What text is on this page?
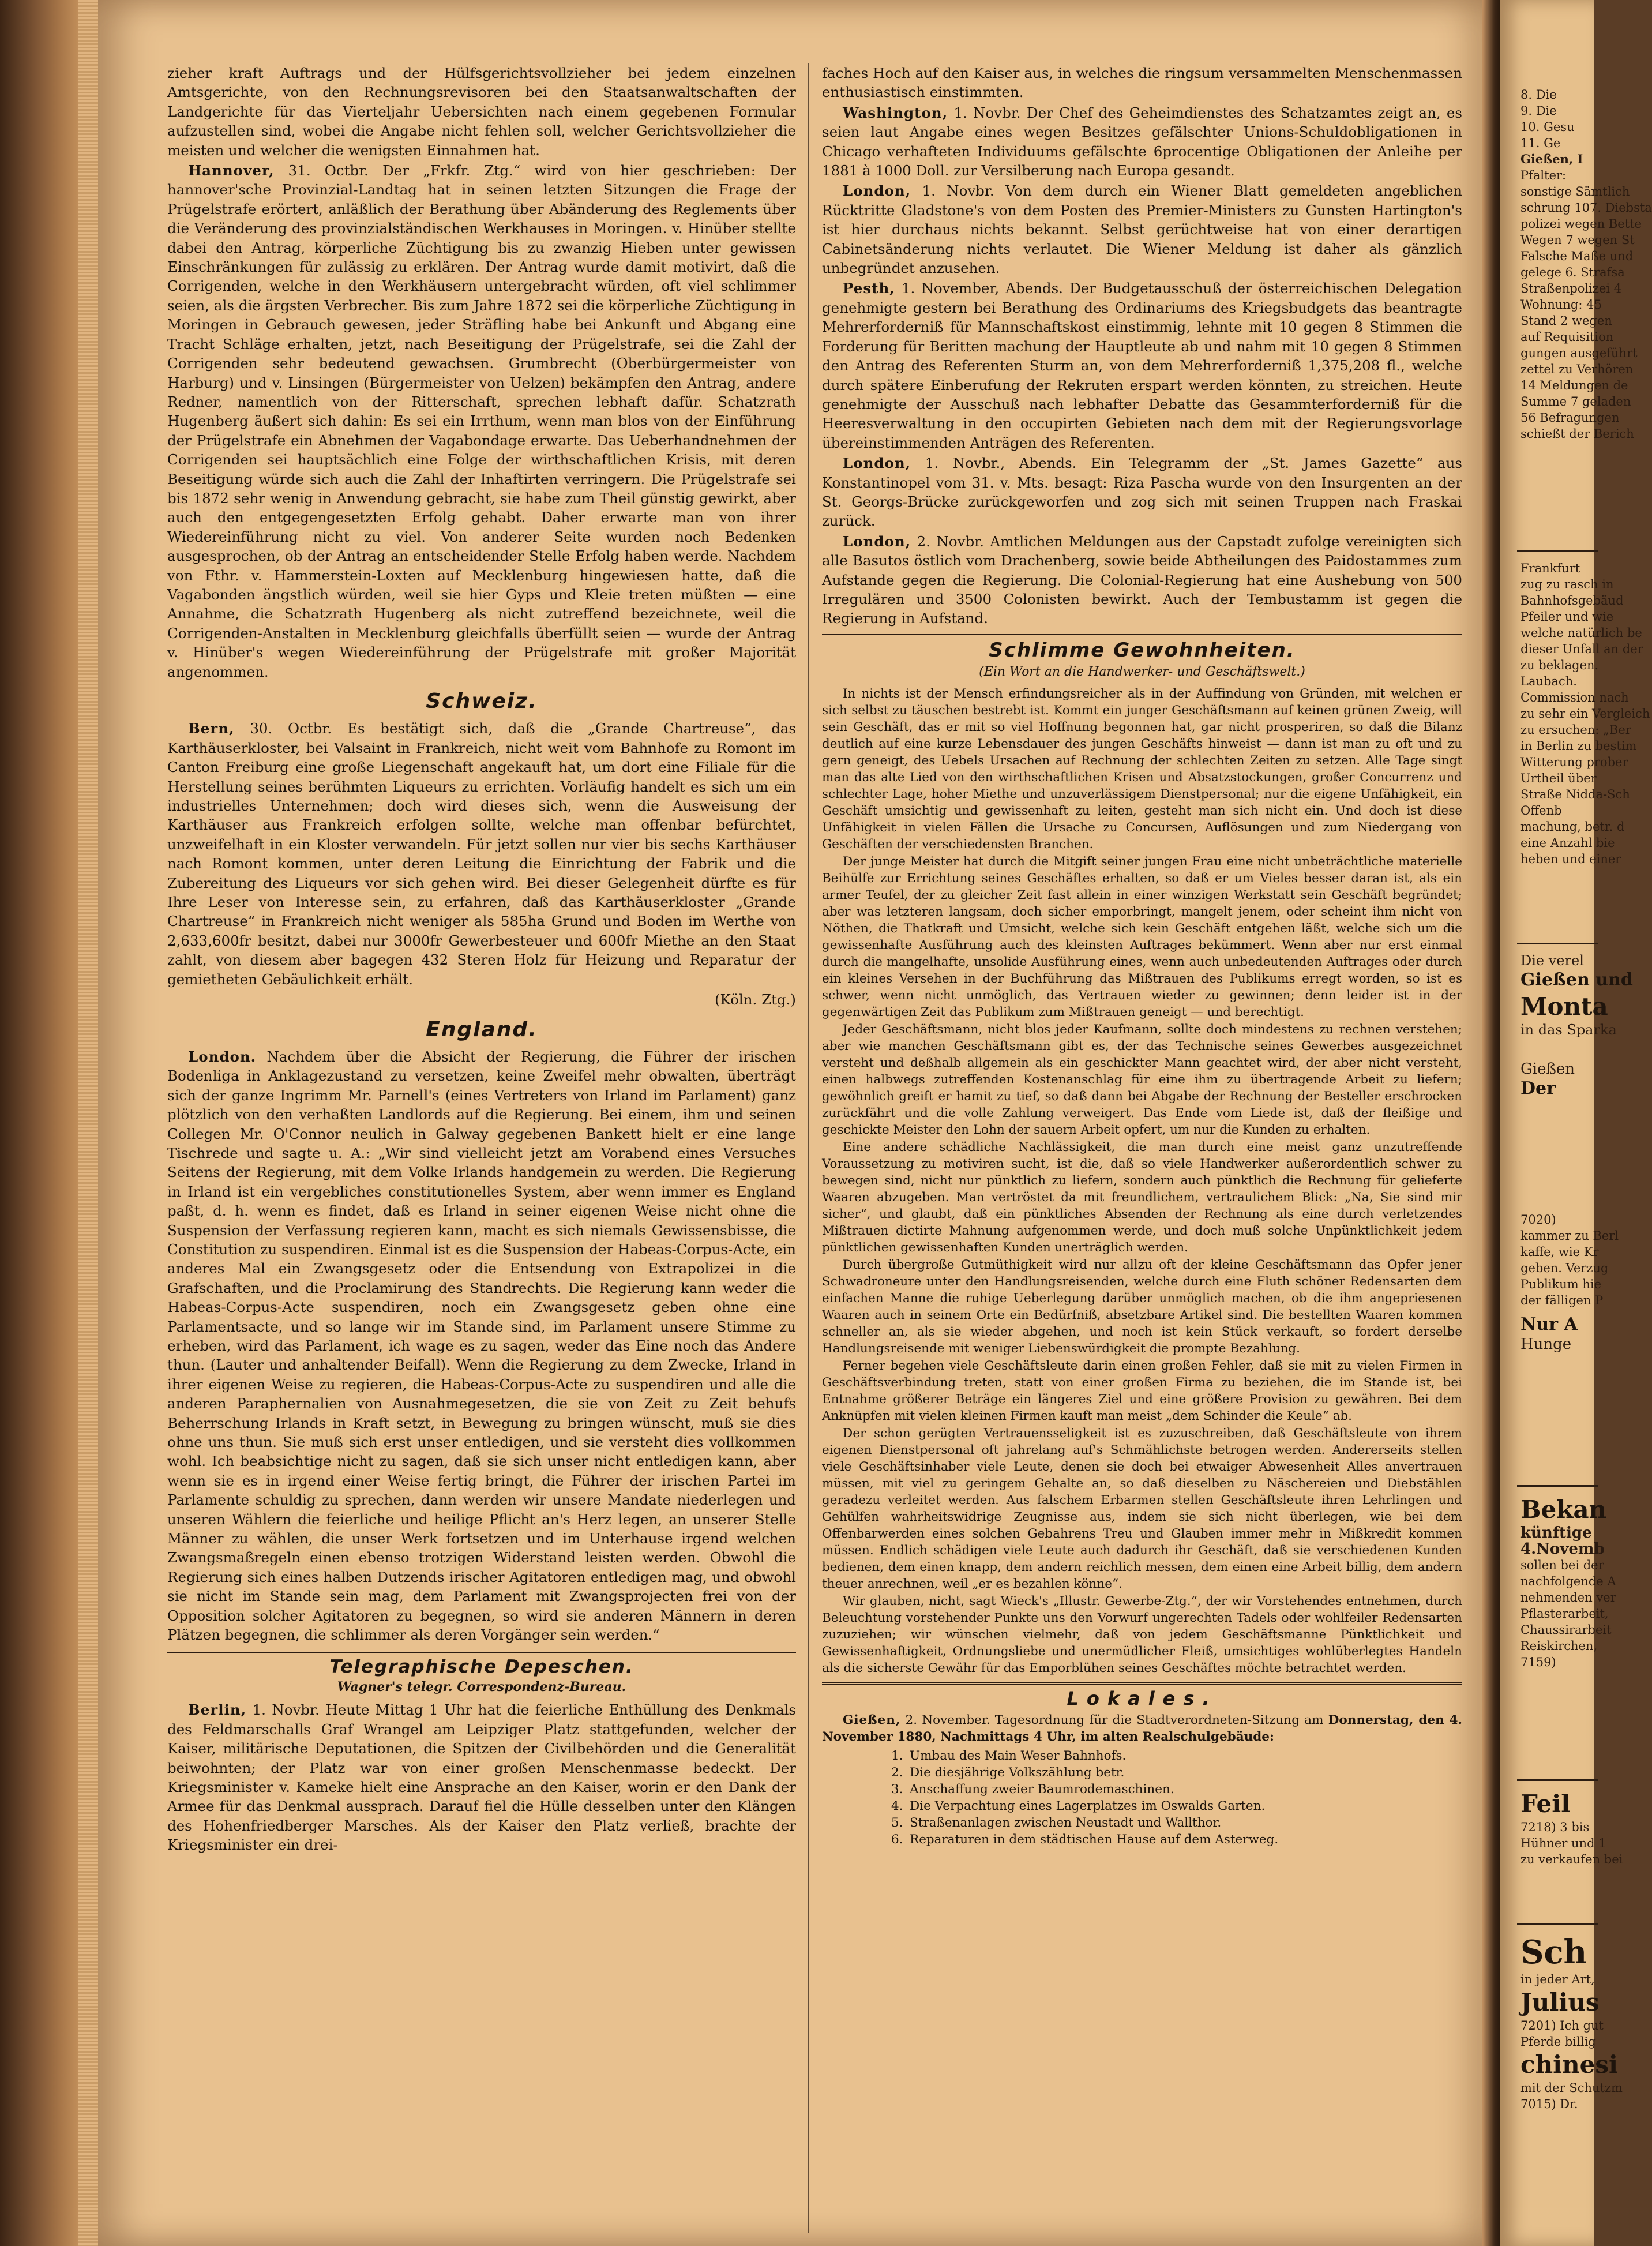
zieher kraft Auftrags und der Hülfsgerichtsvollzieher bei jedem einzelnen Amtsgerichte, von den Rechnungsrevisoren bei den Staatsanwaltschaften der Landgerichte für das Vierteljahr Uebersichten nach einem gegebenen Formular aufzustellen sind, wobei die Angabe nicht fehlen soll, welcher Gerichtsvollzieher die meisten und welcher die wenigsten Einnahmen hat.

Hannover, 31. Octbr. Der „Frkfr. Ztg.“ wird von hier geschrieben: Der hannover'sche Provinzial-Landtag hat in seinen letzten Sitzungen die Frage der Prügelstrafe erörtert, anläßlich der Berathung über Abänderung des Reglements über die Veränderung des provinzialständischen Werkhauses in Moringen. v. Hinüber stellte dabei den Antrag, körperliche Züchtigung bis zu zwanzig Hieben unter gewissen Einschränkungen für zulässig zu erklären. Der Antrag wurde damit motivirt, daß die Corrigenden, welche in den Werkhäusern untergebracht würden, oft viel schlimmer seien, als die ärgsten Verbrecher. Bis zum Jahre 1872 sei die körperliche Züchtigung in Moringen in Gebrauch gewesen, jeder Sträfling habe bei Ankunft und Abgang eine Tracht Schläge erhalten, jetzt, nach Beseitigung der Prügelstrafe, sei die Zahl der Corrigenden sehr bedeutend gewachsen. Grumbrecht (Oberbürgermeister von Harburg) und v. Linsingen (Bürgermeister von Uelzen) bekämpfen den Antrag, andere Redner, namentlich von der Ritterschaft, sprechen lebhaft dafür. Schatzrath Hugenberg äußert sich dahin: Es sei ein Irrthum, wenn man blos von der Einführung der Prügelstrafe ein Abnehmen der Vagabondage erwarte. Das Ueberhandnehmen der Corrigenden sei hauptsächlich eine Folge der wirthschaftlichen Krisis, mit deren Beseitigung würde sich auch die Zahl der Inhaftirten verringern. Die Prügelstrafe sei bis 1872 sehr wenig in Anwendung gebracht, sie habe zum Theil günstig gewirkt, aber auch den entgegengesetzten Erfolg gehabt. Daher erwarte man von ihrer Wiedereinführung nicht zu viel. Von anderer Seite wurden noch Bedenken ausgesprochen, ob der Antrag an entscheidender Stelle Erfolg haben werde. Nachdem von Fthr. v. Hammerstein-Loxten auf Mecklenburg hingewiesen hatte, daß die Vagabonden ängstlich würden, weil sie hier Gyps und Kleie treten müßten — eine Annahme, die Schatzrath Hugenberg als nicht zutreffend bezeichnete, weil die Corrigenden-Anstalten in Mecklenburg gleichfalls überfüllt seien — wurde der Antrag v. Hinüber's wegen Wiedereinführung der Prügelstrafe mit großer Majorität angenommen.

Schweiz.

Bern, 30. Octbr. Es bestätigt sich, daß die „Grande Chartreuse“, das Karthäuserkloster, bei Valsaint in Frankreich, nicht weit vom Bahnhofe zu Romont im Canton Freiburg eine große Liegenschaft angekauft hat, um dort eine Filiale für die Herstellung seines berühmten Liqueurs zu errichten. Vorläufig handelt es sich um ein industrielles Unternehmen; doch wird dieses sich, wenn die Ausweisung der Karthäuser aus Frankreich erfolgen sollte, welche man offenbar befürchtet, unzweifelhaft in ein Kloster verwandeln. Für jetzt sollen nur vier bis sechs Karthäuser nach Romont kommen, unter deren Leitung die Einrichtung der Fabrik und die Zubereitung des Liqueurs vor sich gehen wird. Bei dieser Gelegenheit dürfte es für Ihre Leser von Interesse sein, zu erfahren, daß das Karthäuserkloster „Grande Chartreuse“ in Frankreich nicht weniger als 585ha Grund und Boden im Werthe von 2,633,600fr besitzt, dabei nur 3000fr Gewerbesteuer und 600fr Miethe an den Staat zahlt, von diesem aber bagegen 432 Steren Holz für Heizung und Reparatur der gemietheten Gebäulichkeit erhält.

(Köln. Ztg.)

England.

London. Nachdem über die Absicht der Regierung, die Führer der irischen Bodenliga in Anklagezustand zu versetzen, keine Zweifel mehr obwalten, überträgt sich der ganze Ingrimm Mr. Parnell's (eines Vertreters von Irland im Parlament) ganz plötzlich von den verhaßten Landlords auf die Regierung. Bei einem, ihm und seinen Collegen Mr. O'Connor neulich in Galway gegebenen Bankett hielt er eine lange Tischrede und sagte u. A.: „Wir sind vielleicht jetzt am Vorabend eines Versuches Seitens der Regierung, mit dem Volke Irlands handgemein zu werden. Die Regierung in Irland ist ein vergebliches constitutionelles System, aber wenn immer es England paßt, d. h. wenn es findet, daß es Irland in seiner eigenen Weise nicht ohne die Suspension der Verfassung regieren kann, macht es sich niemals Gewissensbisse, die Constitution zu suspendiren. Einmal ist es die Suspension der Habeas-Corpus-Acte, ein anderes Mal ein Zwangsgesetz oder die Entsendung von Extrapolizei in die Grafschaften, und die Proclamirung des Standrechts. Die Regierung kann weder die Habeas-Corpus-Acte suspendiren, noch ein Zwangsgesetz geben ohne eine Parlamentsacte, und so lange wir im Stande sind, im Parlament unsere Stimme zu erheben, wird das Parlament, ich wage es zu sagen, weder das Eine noch das Andere thun. (Lauter und anhaltender Beifall). Wenn die Regierung zu dem Zwecke, Irland in ihrer eigenen Weise zu regieren, die Habeas-Corpus-Acte zu suspendiren und alle die anderen Paraphernalien von Ausnahmegesetzen, die sie von Zeit zu Zeit behufs Beherrschung Irlands in Kraft setzt, in Bewegung zu bringen wünscht, muß sie dies ohne uns thun. Sie muß sich erst unser entledigen, und sie versteht dies vollkommen wohl. Ich beabsichtige nicht zu sagen, daß sie sich unser nicht entledigen kann, aber wenn sie es in irgend einer Weise fertig bringt, die Führer der irischen Partei im Parlamente schuldig zu sprechen, dann werden wir unsere Mandate niederlegen und unseren Wählern die feierliche und heilige Pflicht an's Herz legen, an unserer Stelle Männer zu wählen, die unser Werk fortsetzen und im Unterhause irgend welchen Zwangsmaßregeln einen ebenso trotzigen Widerstand leisten werden. Obwohl die Regierung sich eines halben Dutzends irischer Agitatoren entledigen mag, und obwohl sie nicht im Stande sein mag, dem Parlament mit Zwangsprojecten frei von der Opposition solcher Agitatoren zu begegnen, so wird sie anderen Männern in deren Plätzen begegnen, die schlimmer als deren Vorgänger sein werden.“

Telegraphische Depeschen.
Wagner's telegr. Correspondenz-Bureau.

Berlin, 1. Novbr. Heute Mittag 1 Uhr hat die feierliche Enthüllung des Denkmals des Feldmarschalls Graf Wrangel am Leipziger Platz stattgefunden, welcher der Kaiser, militärische Deputationen, die Spitzen der Civilbehörden und die Generalität beiwohnten; der Platz war von einer großen Menschenmasse bedeckt. Der Kriegsminister v. Kameke hielt eine Ansprache an den Kaiser, worin er den Dank der Armee für das Denkmal aussprach. Darauf fiel die Hülle desselben unter den Klängen des Hohenfriedberger Marsches. Als der Kaiser den Platz verließ, brachte der Kriegsminister ein drei-

faches Hoch auf den Kaiser aus, in welches die ringsum versammelten Menschenmassen enthusiastisch einstimmten.

Washington, 1. Novbr. Der Chef des Geheimdienstes des Schatzamtes zeigt an, es seien laut Angabe eines wegen Besitzes gefälschter Unions-Schuldobligationen in Chicago verhafteten Individuums gefälschte 6procentige Obligationen der Anleihe per 1881 à 1000 Doll. zur Versilberung nach Europa gesandt.

London, 1. Novbr. Von dem durch ein Wiener Blatt gemeldeten angeblichen Rücktritte Gladstone's von dem Posten des Premier-Ministers zu Gunsten Hartington's ist hier durchaus nichts bekannt. Selbst gerüchtweise hat von einer derartigen Cabinetsänderung nichts verlautet. Die Wiener Meldung ist daher als gänzlich unbegründet anzusehen.

Pesth, 1. November, Abends. Der Budgetausschuß der österreichischen Delegation genehmigte gestern bei Berathung des Ordinariums des Kriegsbudgets das beantragte Mehrerforderniß für Mannschaftskost einstimmig, lehnte mit 10 gegen 8 Stimmen die Forderung für Beritten machung der Hauptleute ab und nahm mit 10 gegen 8 Stimmen den Antrag des Referenten Sturm an, von dem Mehrerforderniß 1,375,208 fl., welche durch spätere Einberufung der Rekruten erspart werden könnten, zu streichen. Heute genehmigte der Ausschuß nach lebhafter Debatte das Gesammterforderniß für die Heeresverwaltung in den occupirten Gebieten nach dem mit der Regierungsvorlage übereinstimmenden Anträgen des Referenten.

London, 1. Novbr., Abends. Ein Telegramm der „St. James Gazette“ aus Konstantinopel vom 31. v. Mts. besagt: Riza Pascha wurde von den Insurgenten an der St. Georgs-Brücke zurückgeworfen und zog sich mit seinen Truppen nach Fraskai zurück.

London, 2. Novbr. Amtlichen Meldungen aus der Capstadt zufolge vereinigten sich alle Basutos östlich vom Drachenberg, sowie beide Abtheilungen des Paidostammes zum Aufstande gegen die Regierung. Die Colonial-Regierung hat eine Aushebung von 500 Irregulären und 3500 Colonisten bewirkt. Auch der Tembustamm ist gegen die Regierung in Aufstand.

Schlimme Gewohnheiten.
(Ein Wort an die Handwerker- und Geschäftswelt.)

In nichts ist der Mensch erfindungsreicher als in der Auffindung von Gründen, mit welchen er sich selbst zu täuschen bestrebt ist. Kommt ein junger Geschäftsmann auf keinen grünen Zweig, will sein Geschäft, das er mit so viel Hoffnung begonnen hat, gar nicht prosperiren, so daß die Bilanz deutlich auf eine kurze Lebensdauer des jungen Geschäfts hinweist — dann ist man zu oft und zu gern geneigt, des Uebels Ursachen auf Rechnung der schlechten Zeiten zu setzen. Alle Tage singt man das alte Lied von den wirthschaftlichen Krisen und Absatzstockungen, großer Concurrenz und schlechter Lage, hoher Miethe und unzuverlässigem Dienstpersonal; nur die eigene Unfähigkeit, ein Geschäft umsichtig und gewissenhaft zu leiten, gesteht man sich nicht ein. Und doch ist diese Unfähigkeit in vielen Fällen die Ursache zu Concursen, Auflösungen und zum Niedergang von Geschäften der verschiedensten Branchen.

Der junge Meister hat durch die Mitgift seiner jungen Frau eine nicht unbeträchtliche materielle Beihülfe zur Errichtung seines Geschäftes erhalten, so daß er um Vieles besser daran ist, als ein armer Teufel, der zu gleicher Zeit fast allein in einer winzigen Werkstatt sein Geschäft begründet; aber was letzteren langsam, doch sicher emporbringt, mangelt jenem, oder scheint ihm nicht von Nöthen, die Thatkraft und Umsicht, welche sich kein Geschäft entgehen läßt, welche sich um die gewissenhafte Ausführung auch des kleinsten Auftrages bekümmert. Wenn aber nur erst einmal durch die mangelhafte, unsolide Ausführung eines, wenn auch unbedeutenden Auftrages oder durch ein kleines Versehen in der Buchführung das Mißtrauen des Publikums erregt worden, so ist es schwer, wenn nicht unmöglich, das Vertrauen wieder zu gewinnen; denn leider ist in der gegenwärtigen Zeit das Publikum zum Mißtrauen geneigt — und berechtigt.

Jeder Geschäftsmann, nicht blos jeder Kaufmann, sollte doch mindestens zu rechnen verstehen; aber wie manchen Geschäftsmann gibt es, der das Technische seines Gewerbes ausgezeichnet versteht und deßhalb allgemein als ein geschickter Mann geachtet wird, der aber nicht versteht, einen halbwegs zutreffenden Kostenanschlag für eine ihm zu übertragende Arbeit zu liefern; gewöhnlich greift er hamit zu tief, so daß dann bei Abgabe der Rechnung der Besteller erschrocken zurückfährt und die volle Zahlung verweigert. Das Ende vom Liede ist, daß der fleißige und geschickte Meister den Lohn der sauern Arbeit opfert, um nur die Kunden zu erhalten.

Eine andere schädliche Nachlässigkeit, die man durch eine meist ganz unzutreffende Voraussetzung zu motiviren sucht, ist die, daß so viele Handwerker außerordentlich schwer zu bewegen sind, nicht nur pünktlich zu liefern, sondern auch pünktlich die Rechnung für gelieferte Waaren abzugeben. Man vertröstet da mit freundlichem, vertraulichem Blick: „Na, Sie sind mir sicher“, und glaubt, daß ein pünktliches Absenden der Rechnung als eine durch verletzendes Mißtrauen dictirte Mahnung aufgenommen werde, und doch muß solche Unpünktlichkeit jedem pünktlichen gewissenhaften Kunden unerträglich werden.

Durch übergroße Gutmüthigkeit wird nur allzu oft der kleine Geschäftsmann das Opfer jener Schwadroneure unter den Handlungsreisenden, welche durch eine Fluth schöner Redensarten dem einfachen Manne die ruhige Ueberlegung darüber unmöglich machen, ob die ihm angepriesenen Waaren auch in seinem Orte ein Bedürfniß, absetzbare Artikel sind. Die bestellten Waaren kommen schneller an, als sie wieder abgehen, und noch ist kein Stück verkauft, so fordert derselbe Handlungsreisende mit weniger Liebenswürdigkeit die prompte Bezahlung.

Ferner begehen viele Geschäftsleute darin einen großen Fehler, daß sie mit zu vielen Firmen in Geschäftsverbindung treten, statt von einer großen Firma zu beziehen, die im Stande ist, bei Entnahme größerer Beträge ein längeres Ziel und eine größere Provision zu gewähren. Bei dem Anknüpfen mit vielen kleinen Firmen kauft man meist „dem Schinder die Keule“ ab.

Der schon gerügten Vertrauensseligkeit ist es zuzuschreiben, daß Geschäftsleute von ihrem eigenen Dienstpersonal oft jahrelang auf's Schmählichste betrogen werden. Andererseits stellen viele Geschäftsinhaber viele Leute, denen sie doch bei etwaiger Abwesenheit Alles anvertrauen müssen, mit viel zu geringem Gehalte an, so daß dieselben zu Näschereien und Diebstählen geradezu verleitet werden. Aus falschem Erbarmen stellen Geschäftsleute ihren Lehrlingen und Gehülfen wahrheitswidrige Zeugnisse aus, indem sie sich nicht überlegen, wie bei dem Offenbarwerden eines solchen Gebahrens Treu und Glauben immer mehr in Mißkredit kommen müssen. Endlich schädigen viele Leute auch dadurch ihr Geschäft, daß sie verschiedenen Kunden bedienen, dem einen knapp, dem andern reichlich messen, dem einen eine Arbeit billig, dem andern theuer anrechnen, weil „er es bezahlen könne“.

Wir glauben, nicht, sagt Wieck's „Illustr. Gewerbe-Ztg.“, der wir Vorstehendes entnehmen, durch Beleuchtung vorstehender Punkte uns den Vorwurf ungerechten Tadels oder wohlfeiler Redensarten zuzuziehen; wir wünschen vielmehr, daß von jedem Geschäftsmanne Pünktlichkeit und Gewissenhaftigkeit, Ordnungsliebe und unermüdlicher Fleiß, umsichtiges wohlüberlegtes Handeln als die sicherste Gewähr für das Emporblühen seines Geschäftes möchte betrachtet werden.

Lokales.

Gießen, 2. November. Tagesordnung für die Stadtverordneten-Sitzung am Donnerstag, den 4. November 1880, Nachmittags 4 Uhr, im alten Realschulgebäude:

1. Umbau des Main Weser Bahnhofs.
2. Die diesjährige Volkszählung betr.
3. Anschaffung zweier Baumrodemaschinen.
4. Die Verpachtung eines Lagerplatzes im Oswalds Garten.
5. Straßenanlagen zwischen Neustadt und Wallthor.
6. Reparaturen in dem städtischen Hause auf dem Asterweg.
8. Die
9. Die
10. Gesu
11. Ge
Gießen, I
Pfalter:
sonstige Sämtlich
schrung 107. Diebsta
polizei wegen Bette
Wegen 7 wegen St
Falsche Maße und
gelege 6. Strafsa
Straßenpolizei 4
Wohnung: 45
Stand 2 wegen
auf Requisition
gungen ausgeführt
zettel zu Verhören
14 Meldungen de
Summe 7 geladen
56 Befragungen
schießt der Berich
Frankfurt
zug zu rasch in
Bahnhofsgebäud
Pfeiler und wie
welche natürlich be
dieser Unfall an der
zu beklagen.
Laubach.
Commission nach
zu sehr ein Vergleich
zu ersuchen: „Ber
in Berlin zu bestim
Witterung prober
Urtheil über
Straße Nidda-Sch
Offenb
machung, betr. d
eine Anzahl bie
heben und einer
Die verel
Gießen und
Monta
in das Sparka
Gießen
Der
7020)
kammer zu Berl
kaffe, wie Kr
geben. Verzug
Publikum hie
der fälligen P
Nur A
Hunge
Bekan
künftige
4.Novemb
sollen bei der
nachfolgende A
nehmenden ver
Pflasterarbeit,
Chaussirarbeit
Reiskirchen,
7159)
Feil
7218) 3 bis
Hühner und 1
zu verkaufen bei
Sch
in jeder Art,
Julius
7201) Ich gut
Pferde billig
chinesi
mit der Schutzm
7015) Dr.
